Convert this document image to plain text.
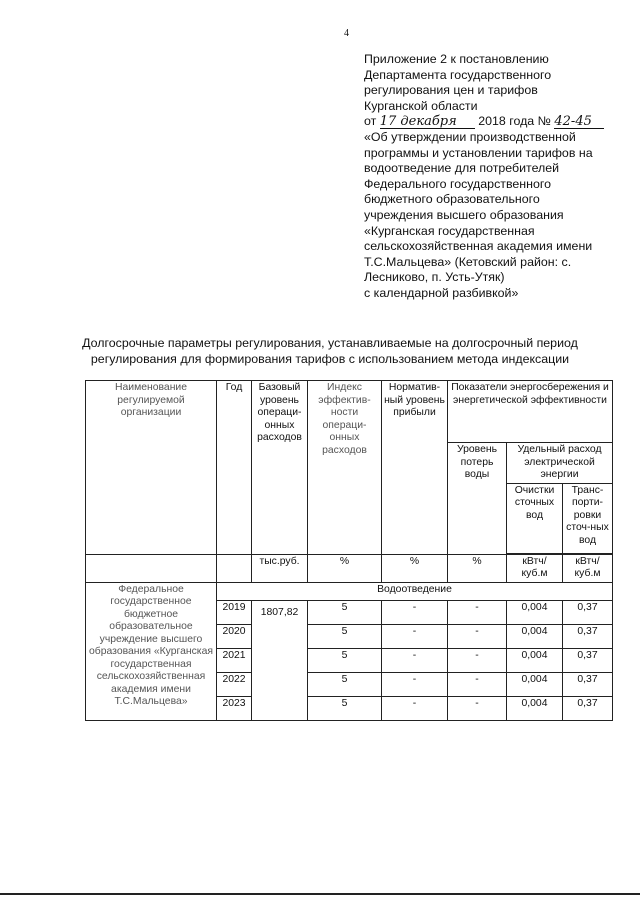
4
Приложение 2 к постановлению
Департамента государственного
регулирования цен и тарифов
Курганской области
от 17 декабря 2018 года № 42-45
«Об утверждении производственной
программы и установлении тарифов на
водоотведение для потребителей
Федерального государственного
бюджетного образовательного
учреждения высшего образования
«Курганская государственная
сельскохозяйственная академия имени
Т.С.Мальцева» (Кетовский район: с.
Лесниково, п. Усть-Утяк)
с календарной разбивкой»
Долгосрочные параметры регулирования, устанавливаемые на долгосрочный период
регулирования для формирования тарифов с использованием метода индексации
Наименование регулируемой организации	Год	Базовый уровень операци-онных расходов	Индекс эффектив-ности операци-онных расходов	Норматив-ный уровень прибыли	Показатели энергосбережения и энергетической эффективности		
					Уровень потерь воды	Удельный расход электрической энергии	
						Очистки сточных вод	Транс-порти-ровки сточ-ных вод

		тыс.руб.	%	%	%	кВтч/ куб.м	кВтч/ куб.м
Федеральное государственное бюджетное образовательное учреждение высшего образования «Курганская государственная сельскохозяйственная академия имени Т.С.Мальцева»	Водоотведение						
	2019	1807,82	5	-	-	0,004	0,37
	2020		5	-	-	0,004	0,37
	2021		5	-	-	0,004	0,37
	2022		5	-	-	0,004	0,37
	2023		5	-	-	0,004	0,37
